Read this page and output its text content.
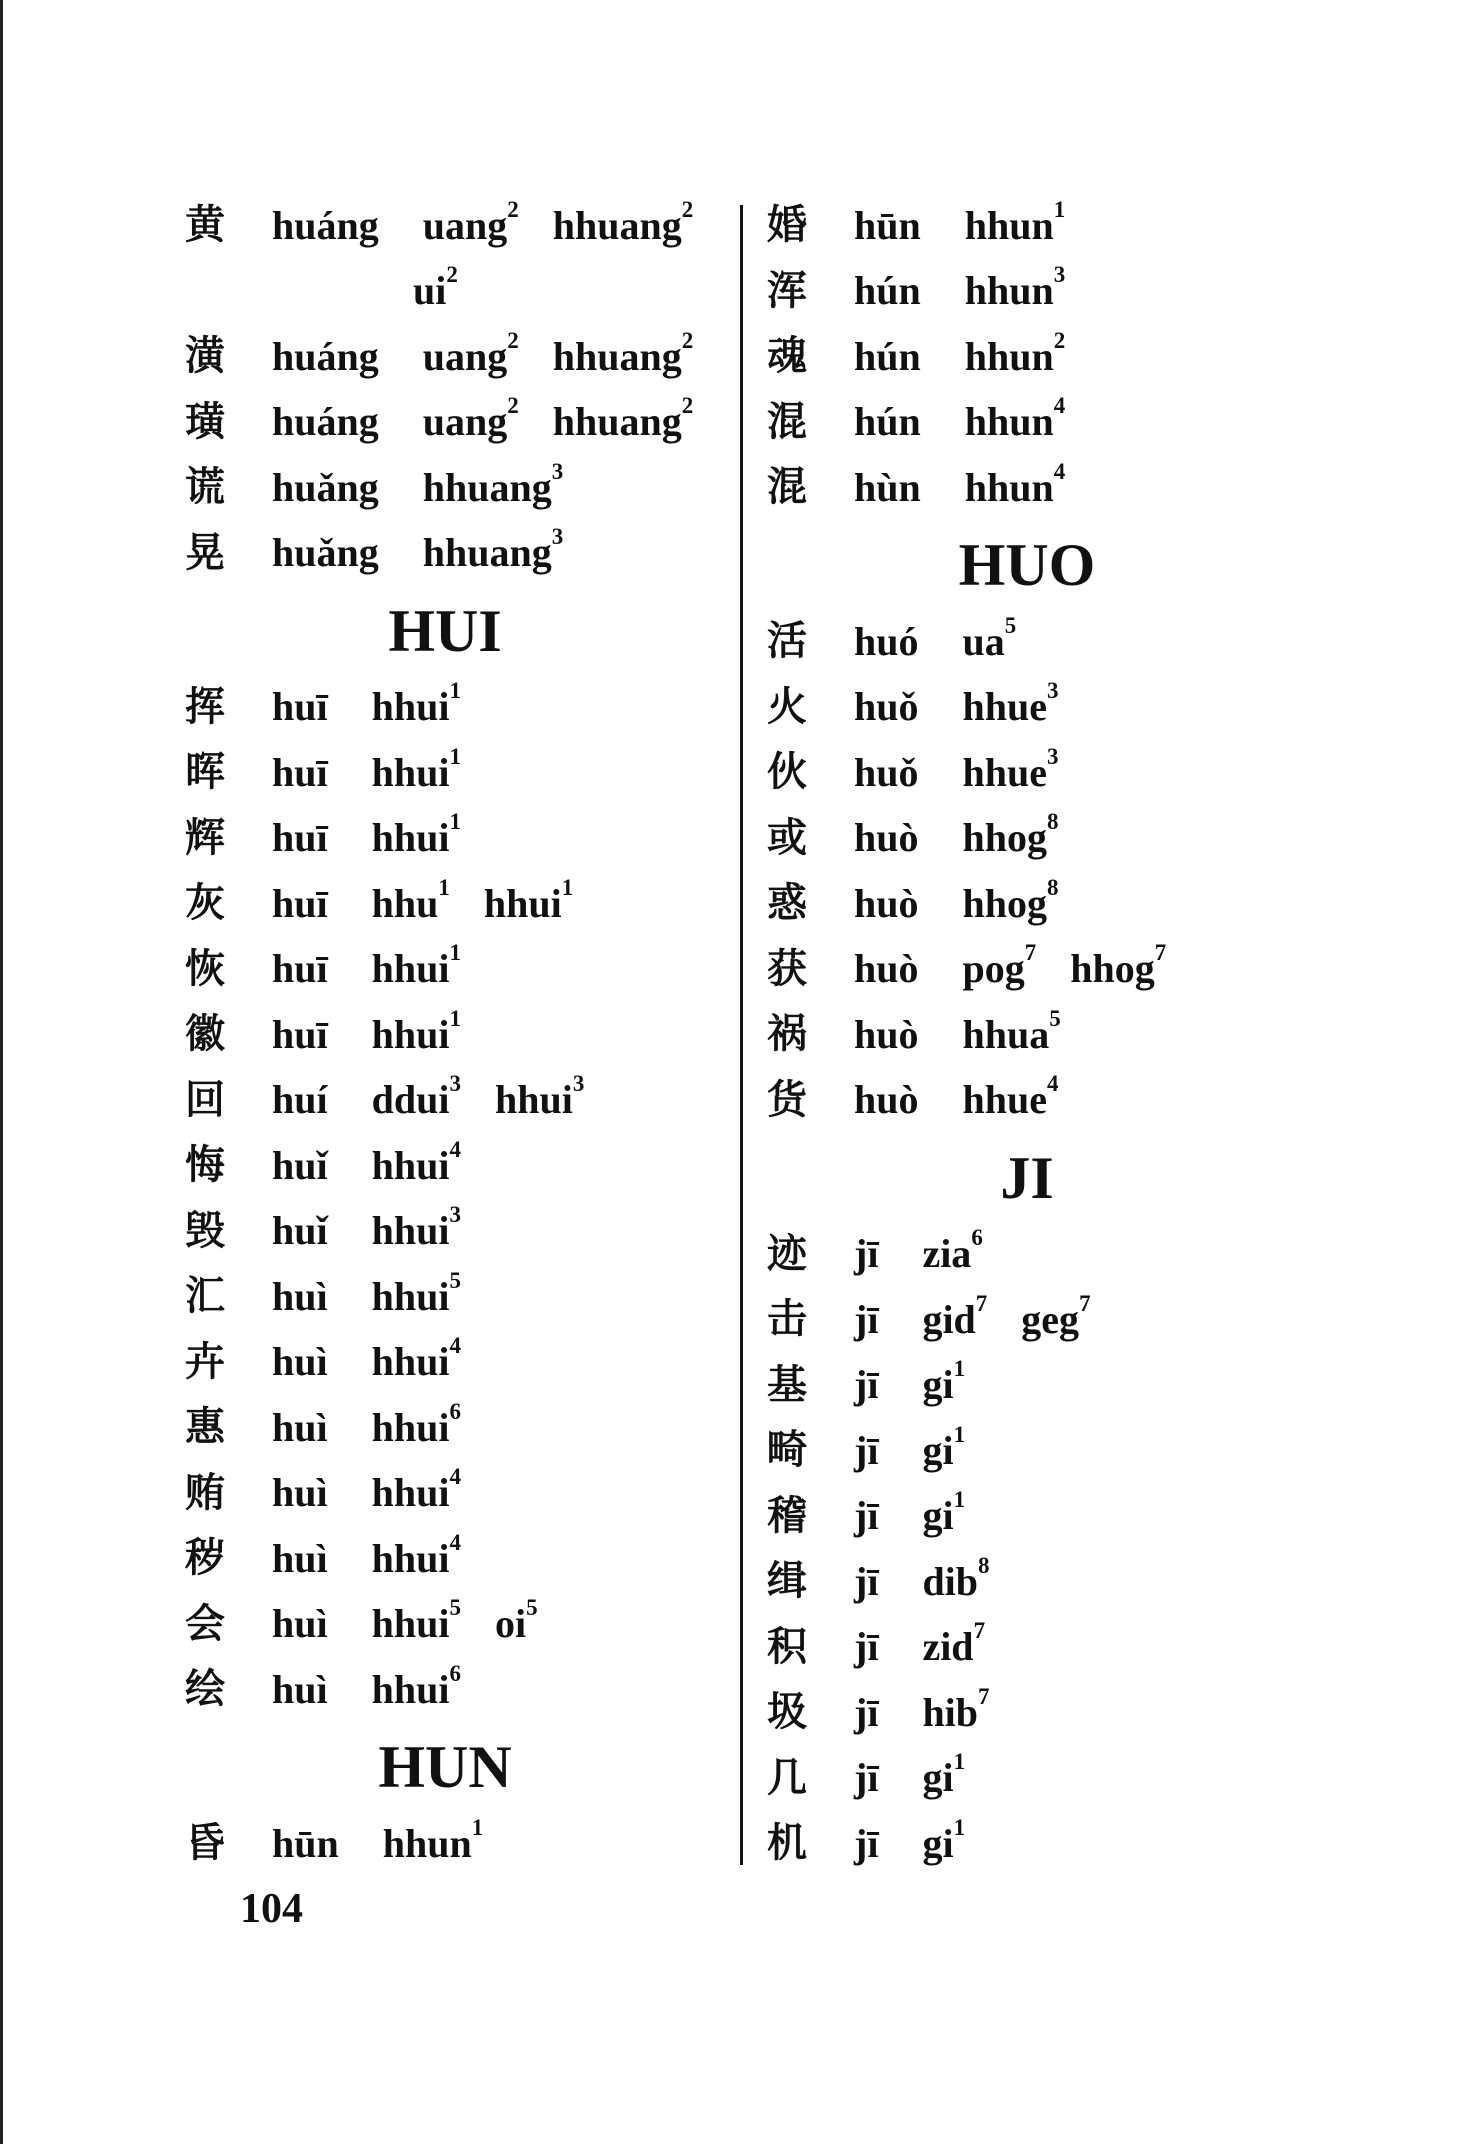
黄	huáng uang$^2$ hhuang$^2$
$ui^2$
潢	huáng uang$^2$ hhuang$^2$
璜	huáng uang$^2$ hhuang$^2$
谎	huǎng hhuang$^3$
晃	huǎng hhuang$^3$
HUI
挥	huī hhui$^1$
晖	huī hhui$^1$
辉	huī hhui$^1$
灰	huī hhu$^1$ hhui$^1$
恢	huī hhui$^1$
徽	huī hhui$^1$
回	huí ddui$^3$ hhui$^3$
悔	huǐ hhui$^4$
毁	huǐ hhui$^3$
汇	huì hhui$^5$
卉	huì hhui$^4$
惠	huì hhui$^6$
贿	huì hhui$^4$
秽	huì hhui$^4$
会	huì hhui$^5$ $oi^5$
绘	huì hhui$^6$
HUN
昏	hūn hhun$^1$
婚	hūn hhun$^1$
浑	hún hhun$^3$
魂	hún hhun$^2$
混	hún hhun$^4$
混	hùn hhun$^4$
HUO
活	huó $ua^5$
火	huǒ hhue$^3$
伙	huǒ hhue$^3$
或	huò hhog$^8$
惑	huò hhog$^8$
获	huò pog$^7$ hhog$^7$
祸	huò hhua$^5$
货	huò hhue$^4$
JI
迹	jī zia$^6$
击	jī gid$^7$ geg$^7$
基	jī $gi^1$
畸	jī $gi^1$
稽	jī $gi^1$
缉	jī dib$^8$
积	jī zid$^7$
圾	jī hib$^7$
几	jī $gi^1$
机	jī $gi^1$
104
